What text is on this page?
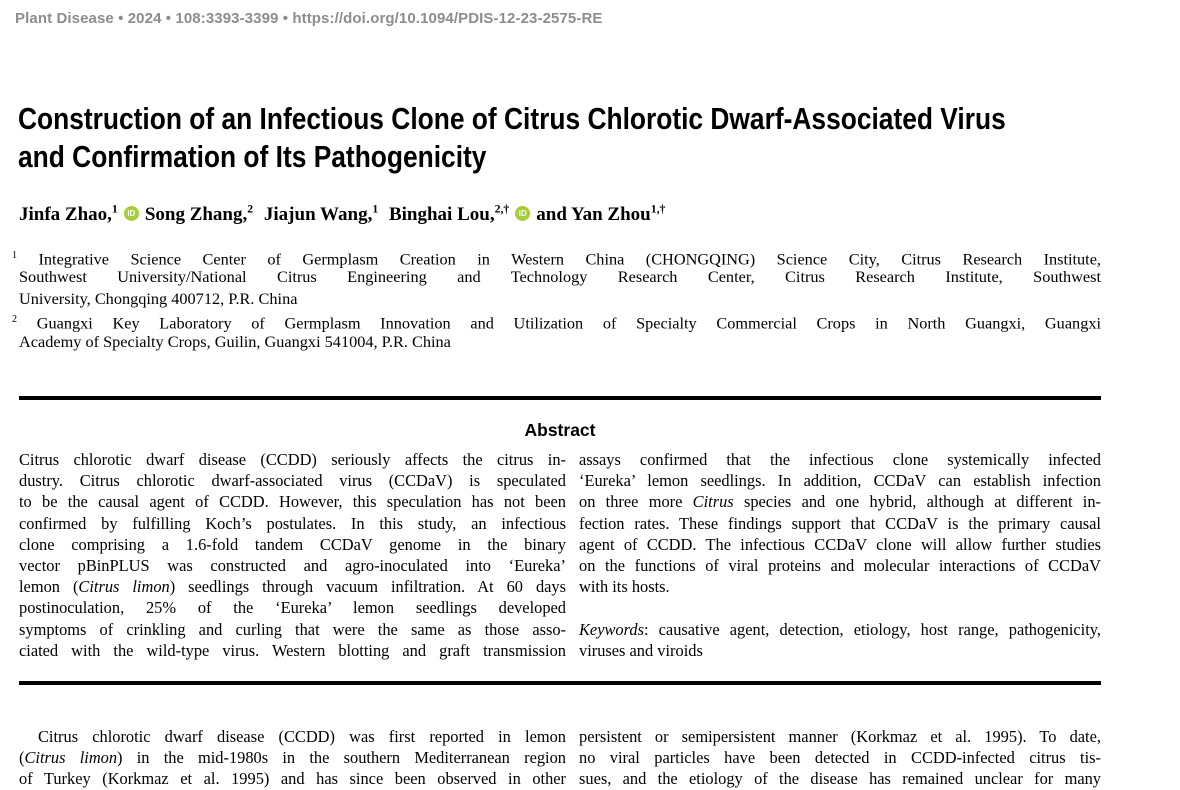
Plant Disease • 2024 • 108:3393-3399 • https://doi.org/10.1094/PDIS-12-23-2575-RE
Construction of an Infectious Clone of Citrus Chlorotic Dwarf-Associated Virus
and Confirmation of Its Pathogenicity
Jinfa Zhao,$^1$ iD Song Zhang,$^2$ Jiajun Wang,$^1$ Binghai Lou,$^{2,\dagger}$ iD and Yan Zhou$^{1,\dagger}$
$^1$ Integrative Science Center of Germplasm Creation in Western China (CHONGQING) Science City, Citrus Research Institute,
Southwest University/National Citrus Engineering and Technology Research Center, Citrus Research Institute, Southwest
University, Chongqing 400712, P.R. China
$^2$ Guangxi Key Laboratory of Germplasm Innovation and Utilization of Specialty Commercial Crops in North Guangxi, Guangxi
Academy of Specialty Crops, Guilin, Guangxi 541004, P.R. China
Abstract
Citrus chlorotic dwarf disease (CCDD) seriously affects the citrus in-
dustry. Citrus chlorotic dwarf-associated virus (CCDaV) is speculated
to be the causal agent of CCDD. However, this speculation has not been
confirmed by fulfilling Koch’s postulates. In this study, an infectious
clone comprising a 1.6-fold tandem CCDaV genome in the binary
vector pBinPLUS was constructed and agro-inoculated into ‘Eureka’
lemon (Citrus limon) seedlings through vacuum infiltration. At 60 days
postinoculation, 25% of the ‘Eureka’ lemon seedlings developed
symptoms of crinkling and curling that were the same as those asso-
ciated with the wild-type virus. Western blotting and graft transmission
assays confirmed that the infectious clone systemically infected
‘Eureka’ lemon seedlings. In addition, CCDaV can establish infection
on three more Citrus species and one hybrid, although at different in-
fection rates. These findings support that CCDaV is the primary causal
agent of CCDD. The infectious CCDaV clone will allow further studies
on the functions of viral proteins and molecular interactions of CCDaV
with its hosts.
Keywords: causative agent, detection, etiology, host range, pathogenicity,
viruses and viroids
Citrus chlorotic dwarf disease (CCDD) was first reported in lemon
(Citrus limon) in the mid-1980s in the southern Mediterranean region
of Turkey (Korkmaz et al. 1995) and has since been observed in other
persistent or semipersistent manner (Korkmaz et al. 1995). To date,
no viral particles have been detected in CCDD-infected citrus tis-
sues, and the etiology of the disease has remained unclear for many
